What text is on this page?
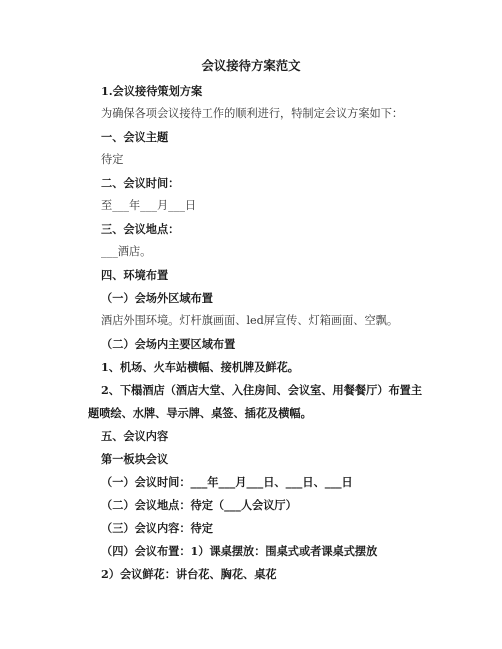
会议接待方案范文
1.会议接待策划方案
为确保各项会议接待工作的顺利进行，特制定会议方案如下：
一、会议主题
待定
二、会议时间：
至___年___月___日
三、会议地点：
___酒店。
四、环境布置
（一）会场外区域布置
酒店外围环境。灯杆旗画面、led屏宣传、灯箱画面、空飘。
（二）会场内主要区域布置
1、机场、火车站横幅、接机牌及鲜花。
2、下榻酒店（酒店大堂、入住房间、会议室、用餐餐厅）布置主
题喷绘、水牌、导示牌、桌签、插花及横幅。
五、会议内容
第一板块会议
（一）会议时间：___年___月___日、___日、___日
（二）会议地点：待定（___人会议厅）
（三）会议内容：待定
（四）会议布置：1）课桌摆放：围桌式或者课桌式摆放
2）会议鲜花：讲台花、胸花、桌花
